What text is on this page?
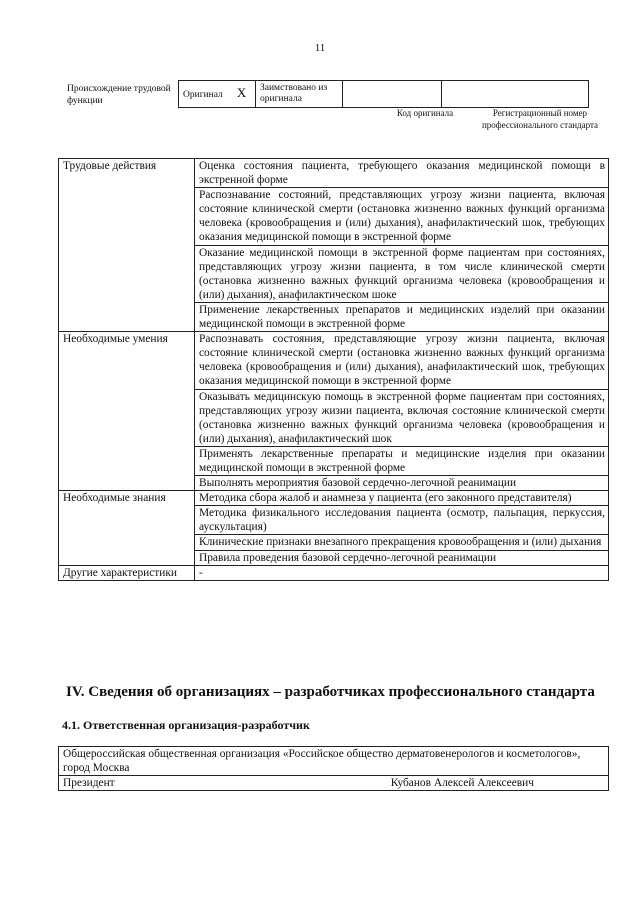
11
Происхождение трудовой функции
Оригинал X	Заимствовано из оригинала		
Код оригинала	Регистрационный номер профессионального стандарта
Трудовые действия	Оценка состояния пациента, требующего оказания медицинской помощи в экстренной форме
	Распознавание состояний, представляющих угрозу жизни пациента, включая состояние клинической смерти (остановка жизненно важных функций организма человека (кровообращения и (или) дыхания), анафилактический шок, требующих оказания медицинской помощи в экстренной форме
	Оказание медицинской помощи в экстренной форме пациентам при состояниях, представляющих угрозу жизни пациента, в том числе клинической смерти (остановка жизненно важных функций организма человека (кровообращения и (или) дыхания), анафилактическом шоке
	Применение лекарственных препаратов и медицинских изделий при оказании медицинской помощи в экстренной форме
Необходимые умения	Распознавать состояния, представляющие угрозу жизни пациента, включая состояние клинической смерти (остановка жизненно важных функций организма человека (кровообращения и (или) дыхания), анафилактический шок, требующих оказания медицинской помощи в экстренной форме
	Оказывать медицинскую помощь в экстренной форме пациентам при состояниях, представляющих угрозу жизни пациента, включая состояние клинической смерти (остановка жизненно важных функций организма человека (кровообращения и (или) дыхания), анафилактический шок
	Применять лекарственные препараты и медицинские изделия при оказании медицинской помощи в экстренной форме
	Выполнять мероприятия базовой сердечно-легочной реанимации
Необходимые знания	Методика сбора жалоб и анамнеза у пациента (его законного представителя)
	Методика физикального исследования пациента (осмотр, пальпация, перкуссия, аускультация)
	Клинические признаки внезапного прекращения кровообращения и (или) дыхания
	Правила проведения базовой сердечно-легочной реанимации
Другие характеристики	-
IV. Сведения об организациях – разработчиках профессионального стандарта
4.1. Ответственная организация-разработчик
Общероссийская общественная организация «Российское общество дерматовенерологов и косметологов», город Москва

Президент	Кубанов Алексей Алексеевич
